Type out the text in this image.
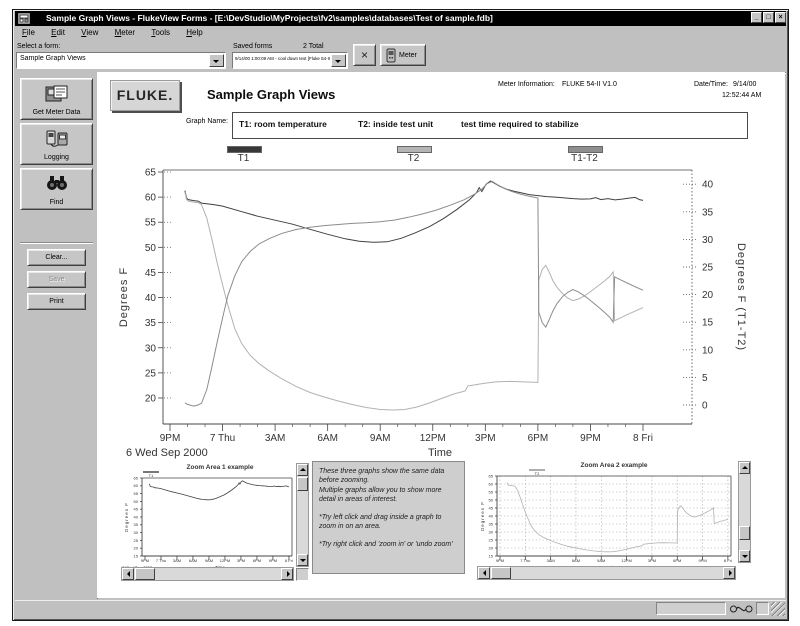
Sample Graph Views - FlukeView Forms - [E:\DevStudio\MyProjects\fv2\samples\databases\Test of sample.fdb]	_	□	×
File Edit View Meter Tools Help
Select a form:
Sample Graph Views
Saved forms	2 Total
9/14/00 1:00:09 AM - cool down test [Fluke 54-II	×	Meter
Get Meter Data
Logging
Find
Clear...
Save
Print
FLUKE.	Sample Graph Views
Meter Information: FLUKE 54-II V1.0	Date/Time: 9/14/00
12:52:44 AM
Graph Name: T1: room temperature	T2: inside test unit	test time required to stabilize
T1	T2	T1-T2
20
25
30
35
40
45
50
55
60
65
0
5
10
15
20
25
30
35
40
9PM	7 Thu	3AM	6AM	9AM	12PM	3PM	6PM	9PM	8 Fri
Degrees F	Degrees F (T1-T2)
Time
6 Wed Sep 2000
15
20
25
30
35
40
45
50
55
60
65
9PM 7 Thu 3AM 6AM 9AM 12PM 3PM 6PM 9PM 8 Fri
Degrees F
Zoom Area 1 example
T1

These three graphs show the same data before zooming.

Multiple graphs allow you to show more detail in areas of interest.

*Try left click and drag inside a graph to zoom in on an area.

*Try right click and 'zoom in' or 'undo zoom'

15
20
25
30
35
40
45
50
55
60
65
9PM	7 Thu	3AM	6AM	9AM	12PM	3PM	6PM	9PM	8 Fri
Degrees F
Zoom Area 2 example
T2
